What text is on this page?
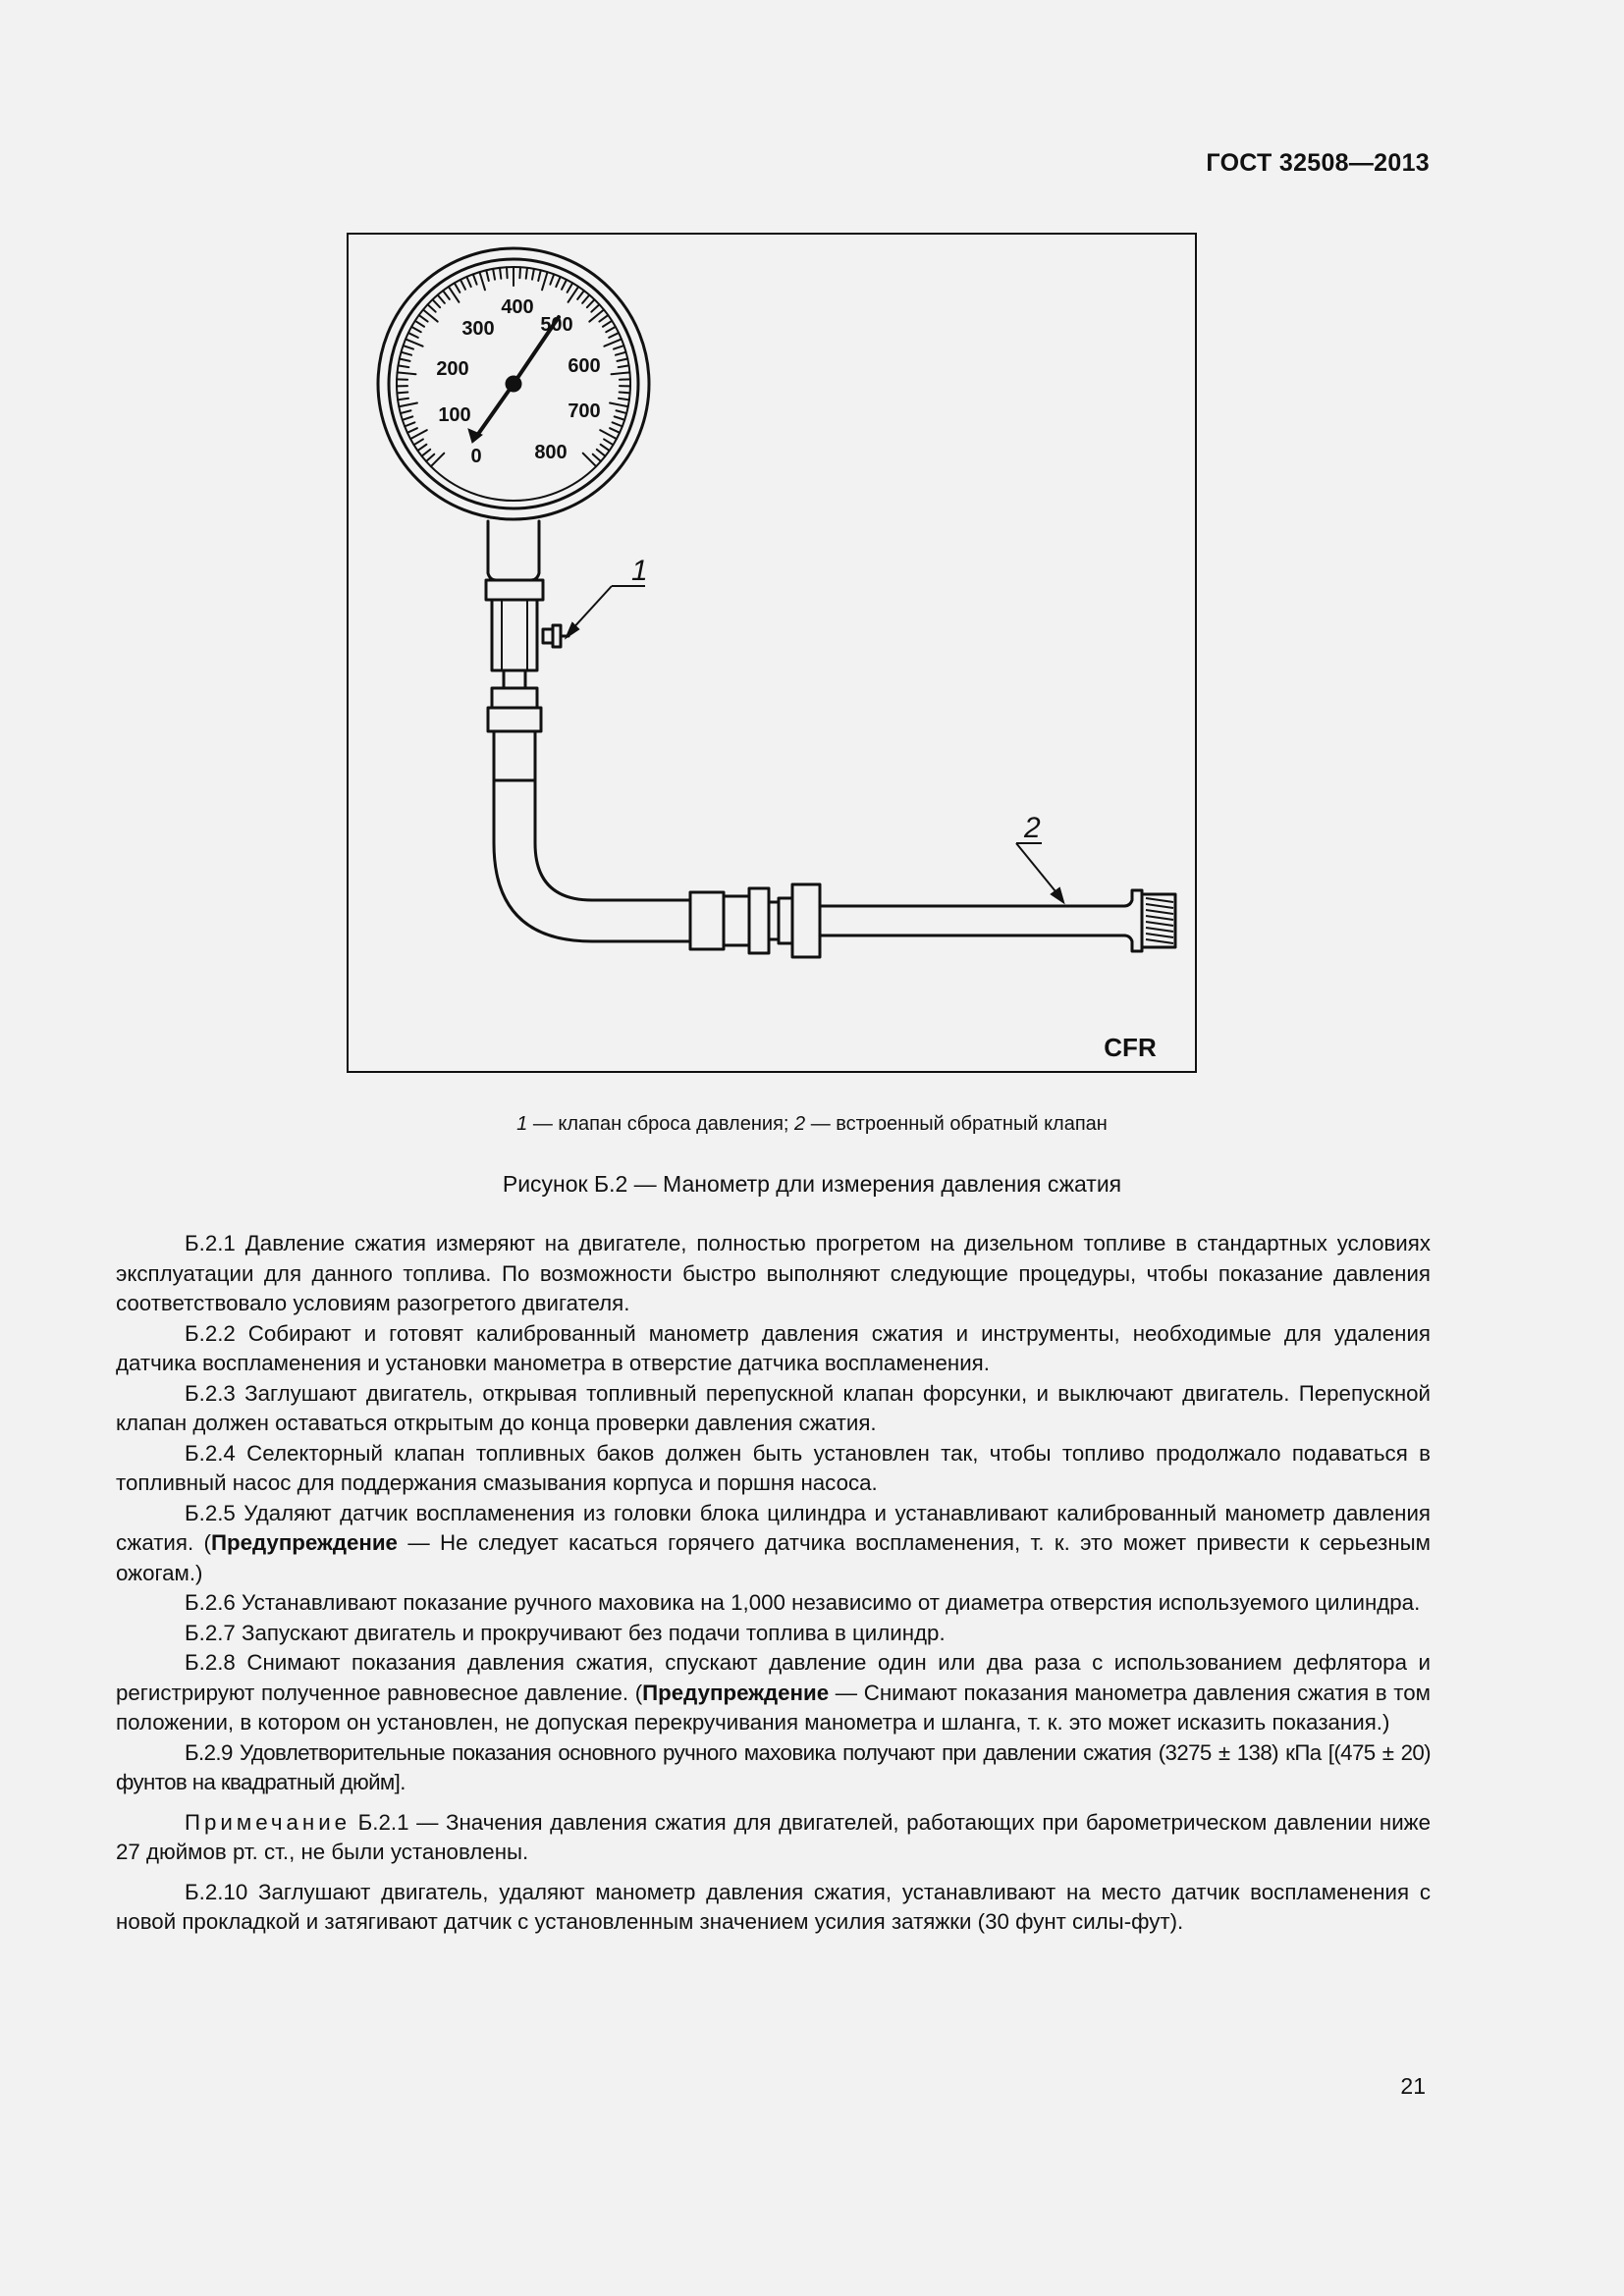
ГОСТ 32508—2013
0
100
200
300
400
500
600
700
800
1
2
CFR
1 — клапан сброса давления; 2 — встроенный обратный клапан
Рисунок Б.2 — Манометр дли измерения давления сжатия

Б.2.1 Давление сжатия измеряют на двигателе, полностью прогретом на дизельном топливе в стандартных условиях эксплуатации для данного топлива. По возможности быстро выполняют следующие процедуры, чтобы показание давления соответствовало условиям разогретого двигателя.

Б.2.2 Собирают и готовят калиброванный манометр давления сжатия и инструменты, необходимые для удаления датчика воспламенения и установки манометра в отверстие датчика воспламенения.

Б.2.3 Заглушают двигатель, открывая топливный перепускной клапан форсунки, и выключают двигатель. Перепускной клапан должен оставаться открытым до конца проверки давления сжатия.

Б.2.4 Селекторный клапан топливных баков должен быть установлен так, чтобы топливо продолжало подаваться в топливный насос для поддержания смазывания корпуса и поршня насоса.

Б.2.5 Удаляют датчик воспламенения из головки блока цилиндра и устанавливают калиброванный манометр давления сжатия. (Предупреждение — Не следует касаться горячего датчика воспламенения, т. к. это может привести к серьезным ожогам.)

Б.2.6 Устанавливают показание ручного маховика на 1,000 независимо от диаметра отверстия используемого цилиндра.

Б.2.7 Запускают двигатель и прокручивают без подачи топлива в цилиндр.

Б.2.8 Снимают показания давления сжатия, спускают давление один или два раза с использованием дефлятора и регистрируют полученное равновесное давление. (Предупреждение — Снимают показания манометра давления сжатия в том положении, в котором он установлен, не допуская перекручивания манометра и шланга, т. к. это может исказить показания.)

Б.2.9 Удовлетворительные показания основного ручного маховика получают при давлении сжатия (3275 ± 138) кПа [(475 ± 20) фунтов на квадратный дюйм].

Примечание Б.2.1 — Значения давления сжатия для двигателей, работающих при барометрическом давлении ниже 27 дюймов рт. ст., не были установлены.

Б.2.10 Заглушают двигатель, удаляют манометр давления сжатия, устанавливают на место датчик воспламенения с новой прокладкой и затягивают датчик с установленным значением усилия затяжки (30 фунт силы-фут).

21
